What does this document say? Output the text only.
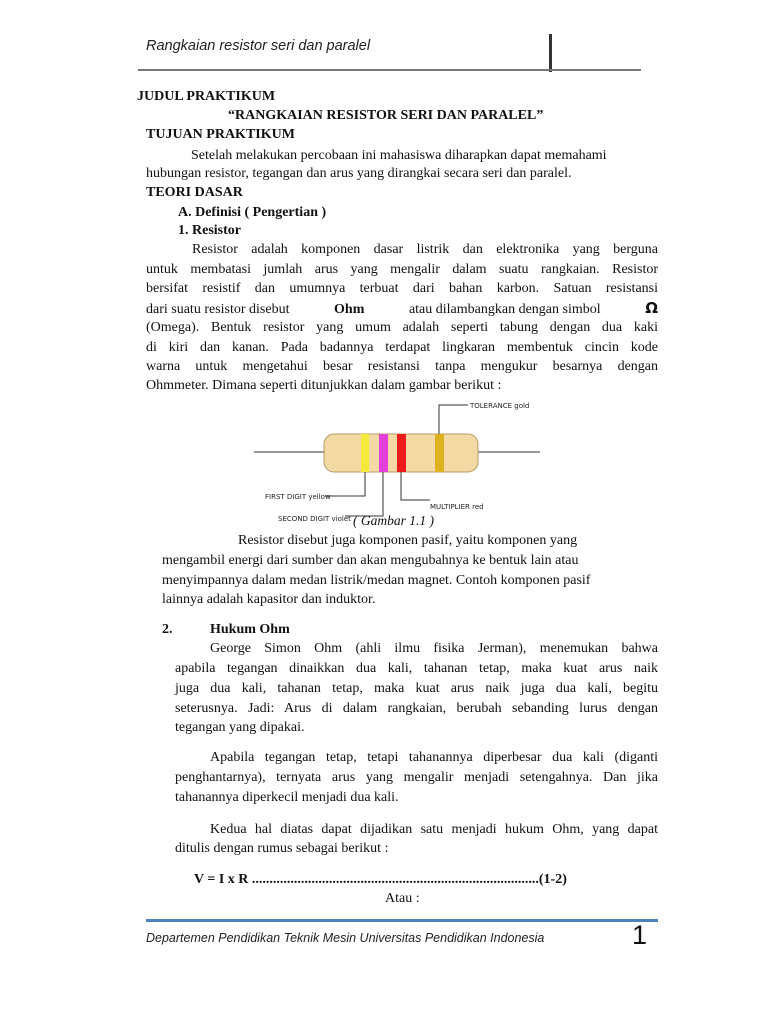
Rangkaian resistor seri dan paralel
JUDUL PRAKTIKUM
“RANGKAIAN RESISTOR SERI DAN PARALEL”
TUJUAN PRAKTIKUM
Setelah melakukan percobaan ini mahasiswa diharapkan dapat memahami
hubungan resistor, tegangan dan arus yang dirangkai secara seri dan paralel.
TEORI DASAR
A. Definisi ( Pengertian )
1. Resistor
Resistor adalah komponen dasar listrik dan elektronika yang berguna
untuk membatasi jumlah arus yang mengalir dalam suatu rangkaian. Resistor
bersifat resistif dan umumnya terbuat dari bahan karbon. Satuan resistansi
dari suatu resistor disebut	Ohm	atau dilambangkan dengan simbol	Ω
(Omega). Bentuk resistor yang umum adalah seperti tabung dengan dua kaki
di kiri dan kanan. Pada badannya terdapat lingkaran membentuk cincin kode
warna untuk mengetahui besar resistansi tanpa mengukur besarnya dengan
Ohmmeter. Dimana seperti ditunjukkan dalam gambar berikut :
TOLERANCE gold
FIRST DIGIT yellow
SECOND DIGIT violet
MULTIPLIER red
( Gambar 1.1 )
Resistor disebut juga komponen pasif, yaitu komponen yang
mengambil energi dari sumber dan akan mengubahnya ke bentuk lain atau
menyimpannya dalam medan listrik/medan magnet. Contoh komponen pasif
lainnya adalah kapasitor dan induktor.
2.	Hukum Ohm
George Simon Ohm (ahli ilmu fisika Jerman), menemukan bahwa
apabila tegangan dinaikkan dua kali, tahanan tetap, maka kuat arus naik
juga dua kali, tahanan tetap, maka kuat arus naik juga dua kali, begitu
seterusnya. Jadi: Arus di dalam rangkaian, berubah sebanding lurus dengan
tegangan yang dipakai.
Apabila tegangan tetap, tetapi tahanannya diperbesar dua kali (diganti
penghantarnya), ternyata arus yang mengalir menjadi setengahnya. Dan jika
tahanannya diperkecil menjadi dua kali.
Kedua hal diatas dapat dijadikan satu menjadi hukum Ohm, yang dapat
ditulis dengan rumus sebagai berikut :
V = I x R ..................................................................................(1-2)
Atau :
Departemen Pendidikan Teknik Mesin Universitas Pendidikan Indonesia	1
